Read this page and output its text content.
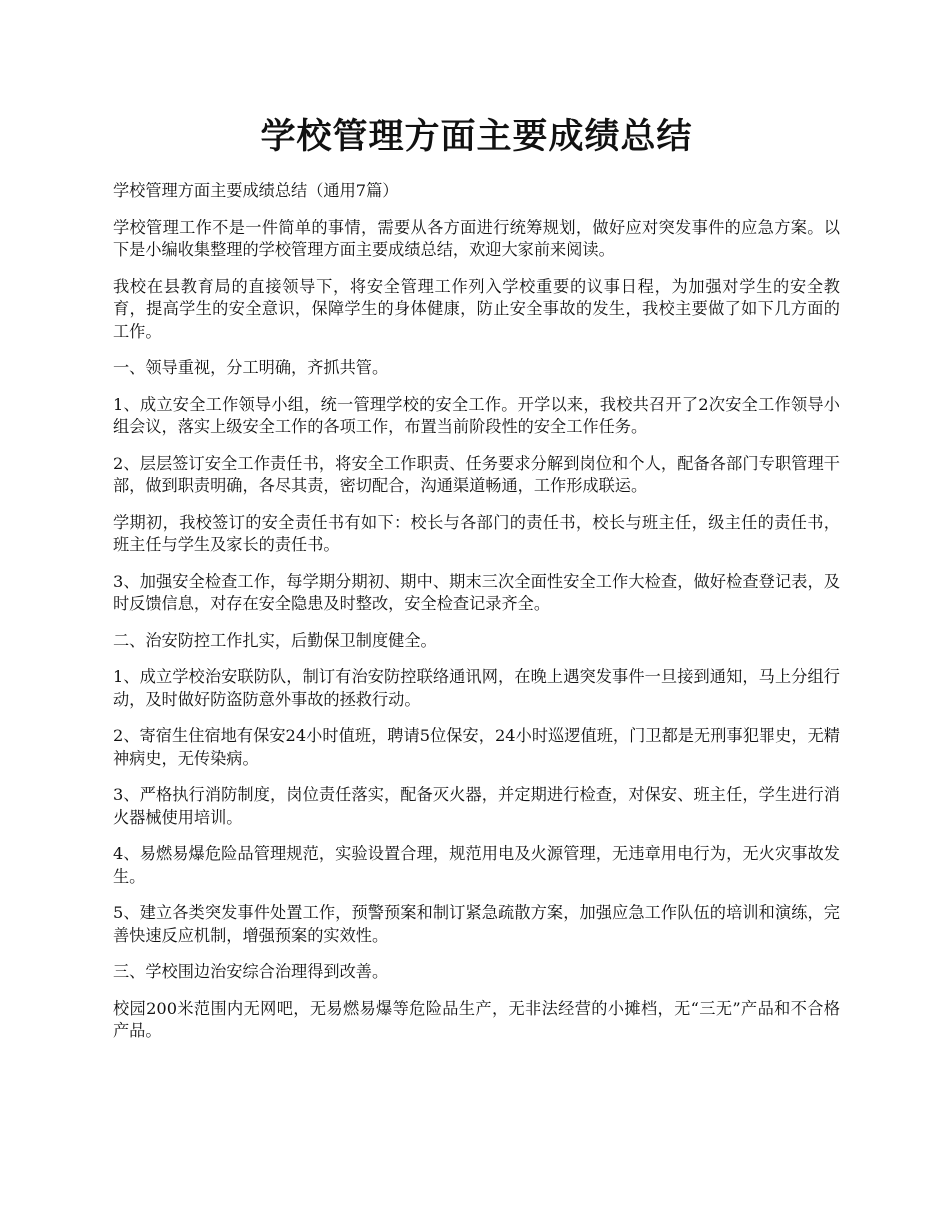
学校管理方面主要成绩总结

学校管理方面主要成绩总结（通用7篇）

学校管理工作不是一件简单的事情，需要从各方面进行统筹规划，做好应对突发事件的应急方案。以下是小编收集整理的学校管理方面主要成绩总结，欢迎大家前来阅读。

我校在县教育局的直接领导下，将安全管理工作列入学校重要的议事日程，为加强对学生的安全教育，提高学生的安全意识，保障学生的身体健康，防止安全事故的发生，我校主要做了如下几方面的工作。

一、领导重视，分工明确，齐抓共管。

1、成立安全工作领导小组，统一管理学校的安全工作。开学以来，我校共召开了2次安全工作领导小组会议，落实上级安全工作的各项工作，布置当前阶段性的安全工作任务。

2、层层签订安全工作责任书，将安全工作职责、任务要求分解到岗位和个人，配备各部门专职管理干部，做到职责明确，各尽其责，密切配合，沟通渠道畅通，工作形成联运。

学期初，我校签订的安全责任书有如下：校长与各部门的责任书，校长与班主任，级主任的责任书，班主任与学生及家长的责任书。

3、加强安全检查工作，每学期分期初、期中、期末三次全面性安全工作大检查，做好检查登记表，及时反馈信息，对存在安全隐患及时整改，安全检查记录齐全。

二、治安防控工作扎实，后勤保卫制度健全。

1、成立学校治安联防队，制订有治安防控联络通讯网，在晚上遇突发事件一旦接到通知，马上分组行动，及时做好防盗防意外事故的拯救行动。

2、寄宿生住宿地有保安24小时值班，聘请5位保安，24小时巡逻值班，门卫都是无刑事犯罪史，无精神病史，无传染病。

3、严格执行消防制度，岗位责任落实，配备灭火器，并定期进行检查，对保安、班主任，学生进行消火器械使用培训。

4、易燃易爆危险品管理规范，实验设置合理，规范用电及火源管理，无违章用电行为，无火灾事故发生。

5、建立各类突发事件处置工作，预警预案和制订紧急疏散方案，加强应急工作队伍的培训和演练，完善快速反应机制，增强预案的实效性。

三、学校围边治安综合治理得到改善。

校园200米范围内无网吧，无易燃易爆等危险品生产，无非法经营的小摊档，无“三无”产品和不合格产品。
